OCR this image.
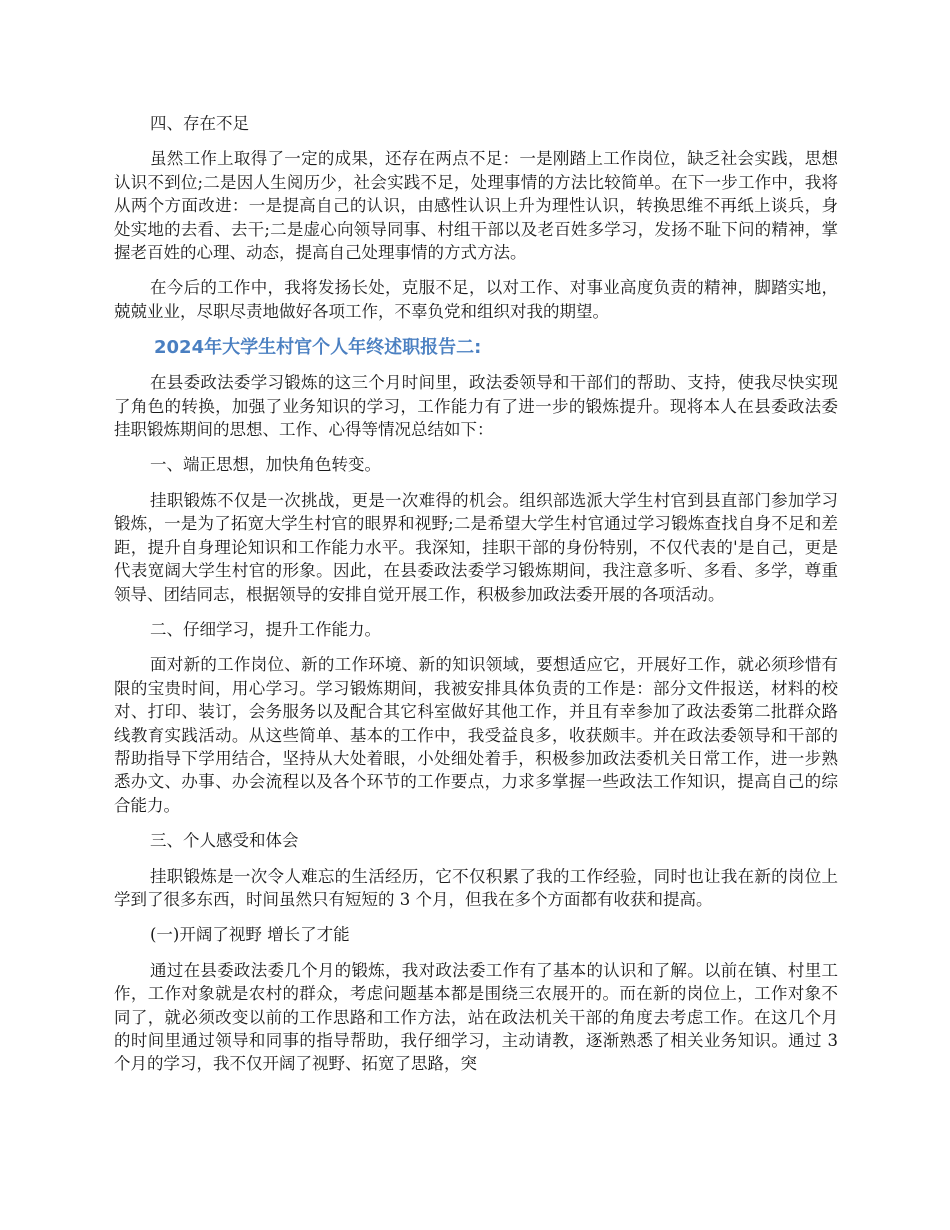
四、存在不足

虽然工作上取得了一定的成果，还存在两点不足：一是刚踏上工作岗位，缺乏社会实践，思想认识不到位;二是因人生阅历少，社会实践不足，处理事情的方法比较简单。在下一步工作中，我将从两个方面改进：一是提高自己的认识，由感性认识上升为理性认识，转换思维不再纸上谈兵，身处实地的去看、去干;二是虚心向领导同事、村组干部以及老百姓多学习，发扬不耻下问的精神，掌握老百姓的心理、动态，提高自己处理事情的方式方法。

在今后的工作中，我将发扬长处，克服不足，以对工作、对事业高度负责的精神，脚踏实地，兢兢业业，尽职尽责地做好各项工作，不辜负党和组织对我的期望。

2024年大学生村官个人年终述职报告二:

在县委政法委学习锻炼的这三个月时间里，政法委领导和干部们的帮助、支持，使我尽快实现了角色的转换，加强了业务知识的学习，工作能力有了进一步的锻炼提升。现将本人在县委政法委挂职锻炼期间的思想、工作、心得等情况总结如下：

一、端正思想，加快角色转变。

挂职锻炼不仅是一次挑战，更是一次难得的机会。组织部选派大学生村官到县直部门参加学习锻炼，一是为了拓宽大学生村官的眼界和视野;二是希望大学生村官通过学习锻炼查找自身不足和差距，提升自身理论知识和工作能力水平。我深知，挂职干部的身份特别，不仅代表的'是自己，更是代表宽阔大学生村官的形象。因此，在县委政法委学习锻炼期间，我注意多听、多看、多学，尊重领导、团结同志，根据领导的安排自觉开展工作，积极参加政法委开展的各项活动。

二、仔细学习，提升工作能力。

面对新的工作岗位、新的工作环境、新的知识领域，要想适应它，开展好工作，就必须珍惜有限的宝贵时间，用心学习。学习锻炼期间，我被安排具体负责的工作是：部分文件报送，材料的校对、打印、装订，会务服务以及配合其它科室做好其他工作，并且有幸参加了政法委第二批群众路线教育实践活动。从这些简单、基本的工作中，我受益良多，收获颇丰。并在政法委领导和干部的帮助指导下学用结合，坚持从大处着眼，小处细处着手，积极参加政法委机关日常工作，进一步熟悉办文、办事、办会流程以及各个环节的工作要点，力求多掌握一些政法工作知识，提高自己的综合能力。

三、个人感受和体会

挂职锻炼是一次令人难忘的生活经历，它不仅积累了我的工作经验，同时也让我在新的岗位上学到了很多东西，时间虽然只有短短的 3 个月，但我在多个方面都有收获和提高。

(一)开阔了视野 增长了才能

通过在县委政法委几个月的锻炼，我对政法委工作有了基本的认识和了解。以前在镇、村里工作，工作对象就是农村的群众，考虑问题基本都是围绕三农展开的。而在新的岗位上，工作对象不同了，就必须改变以前的工作思路和工作方法，站在政法机关干部的角度去考虑工作。在这几个月的时间里通过领导和同事的指导帮助，我仔细学习，主动请教，逐渐熟悉了相关业务知识。通过 3 个月的学习，我不仅开阔了视野、拓宽了思路，突
